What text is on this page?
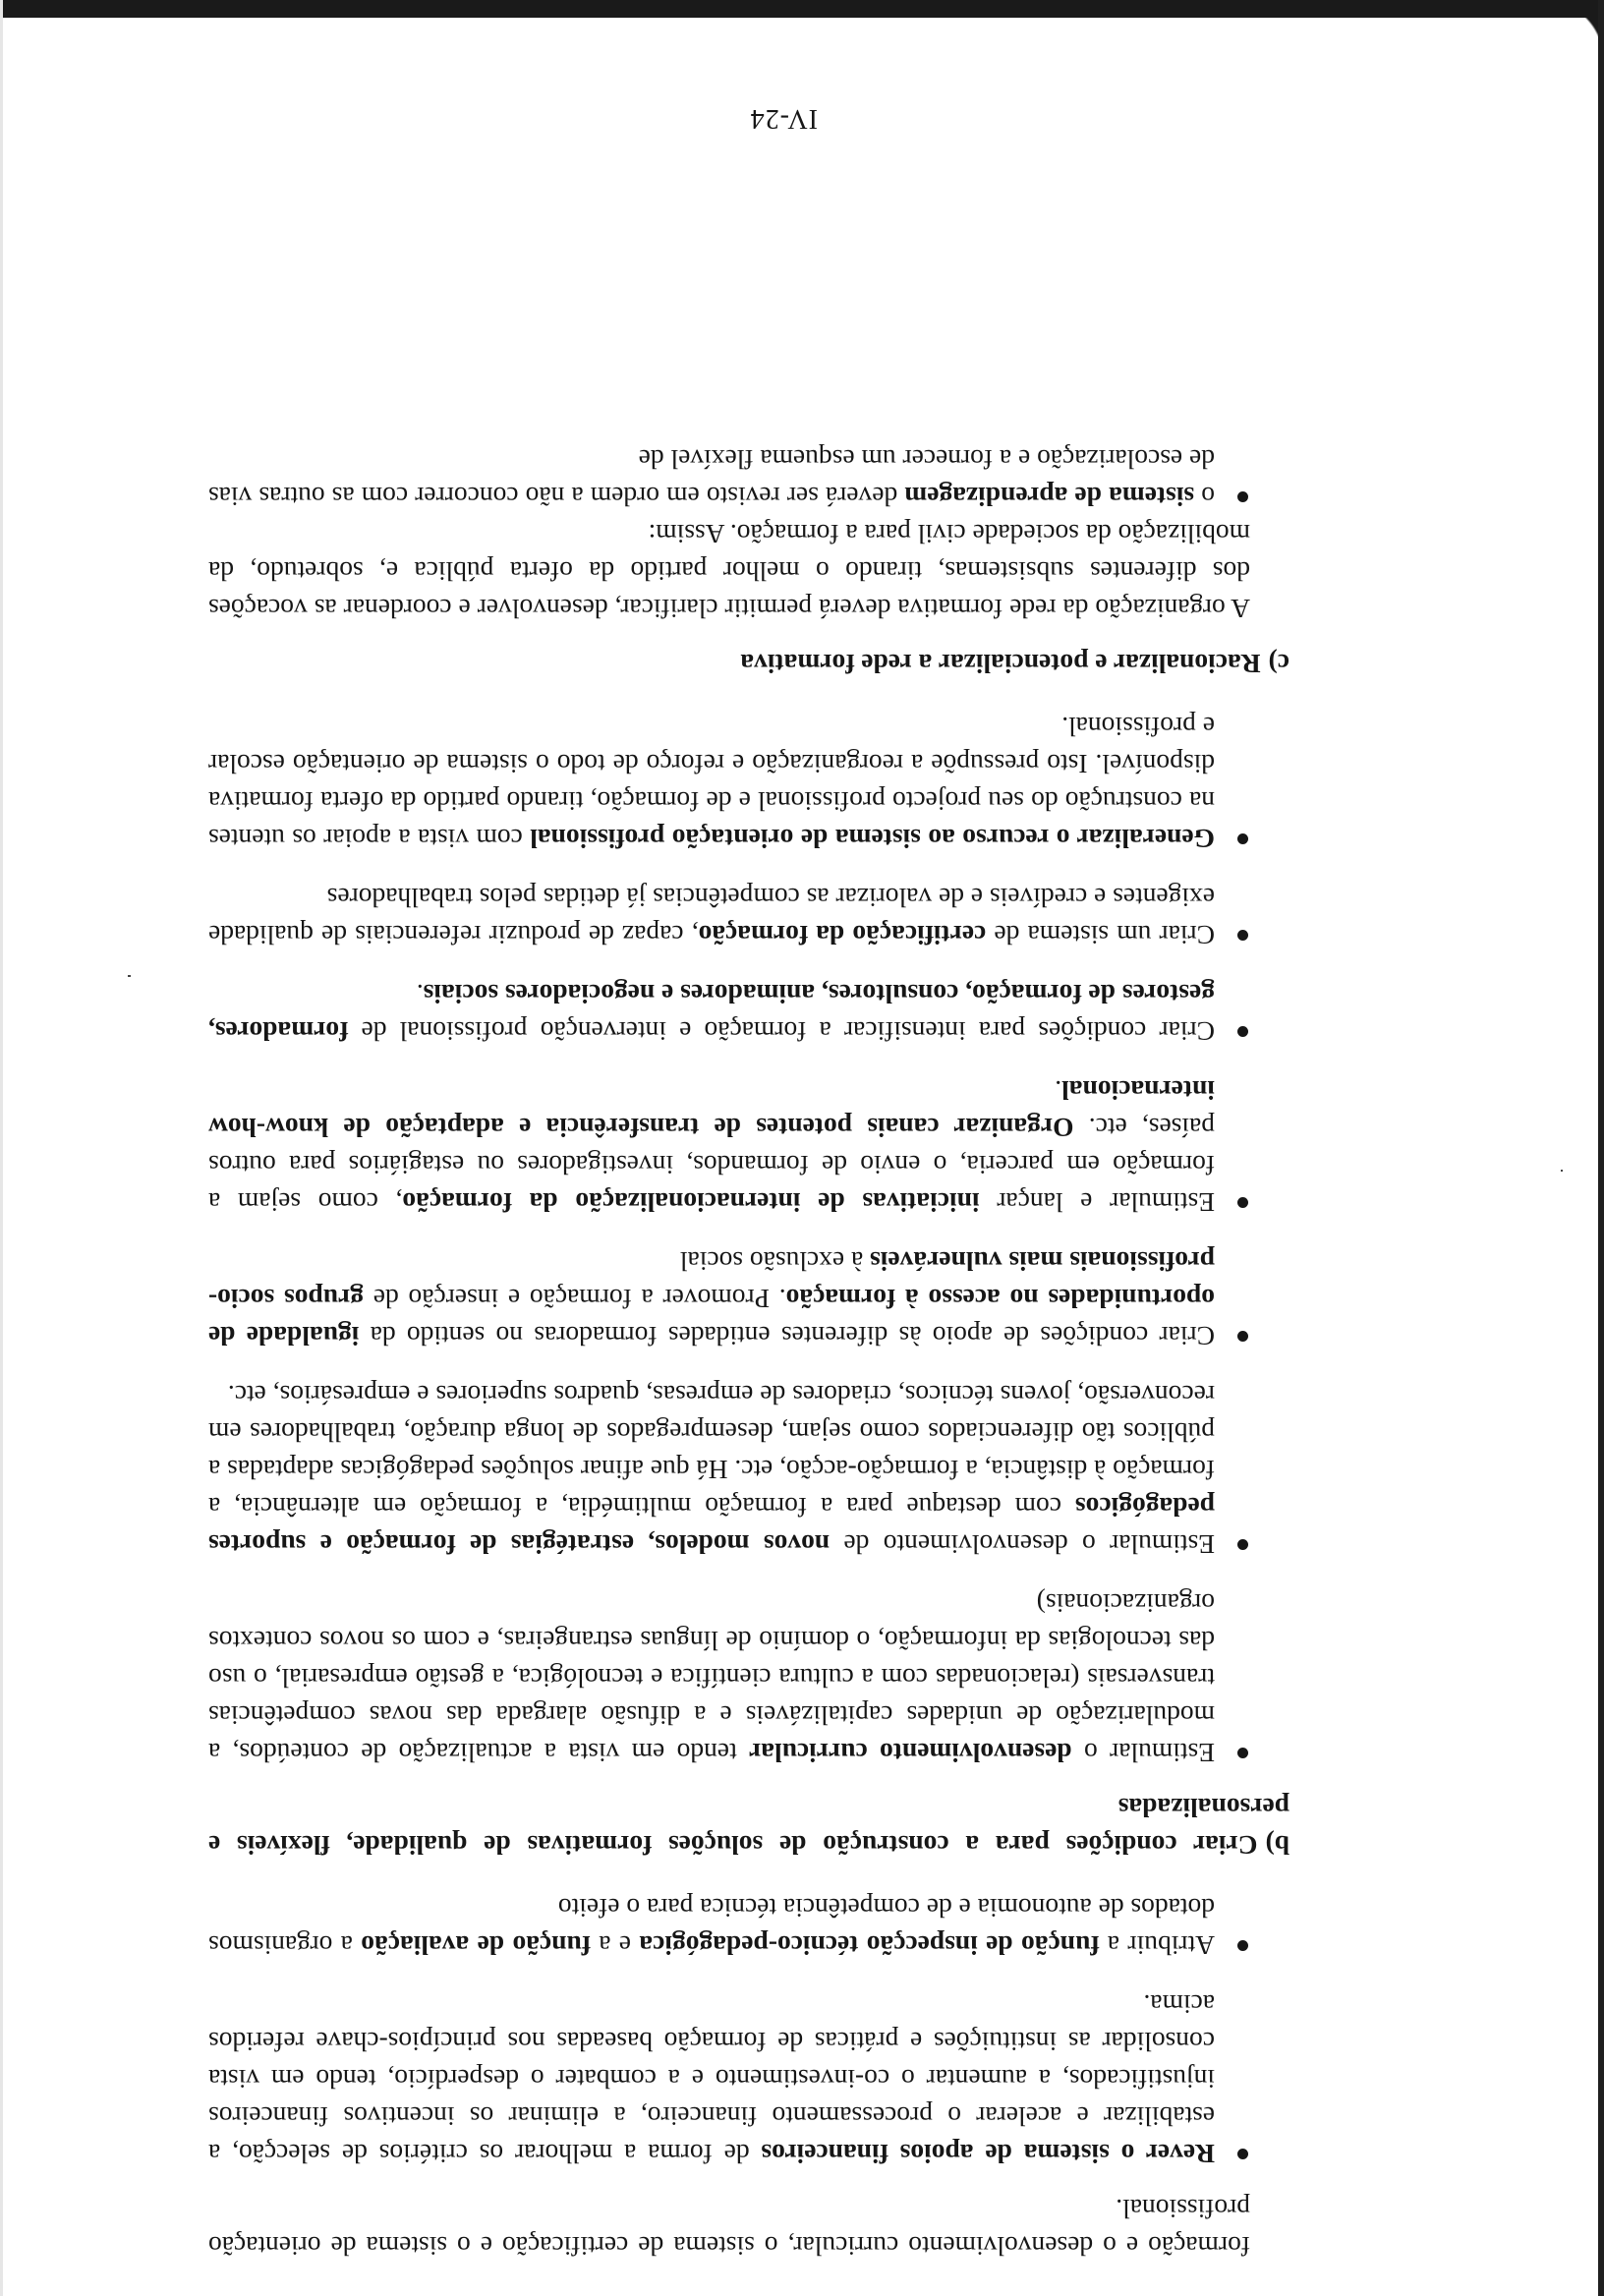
formação e o desenvolvimento curricular, o sistema de certificação e o sistema de orientação profissional.

Rever o sistema de apoios financeiros de forma a melhorar os critérios de selecção, a estabilizar e acelerar o processamento financeiro, a eliminar os incentivos financeiros injustificados, a aumentar o co-investimento e a combater o desperdício, tendo em vista consolidar as instituições e práticas de formação baseadas nos princípios-chave referidos acima.
Atribuir a função de inspecção técnico-pedagógica e a função de avaliação a organismos dotados de autonomia e de competência técnica para o efeito
b)Criar condições para a construção de soluções formativas de qualidade, flexíveis e personalizadas
Estimular o desenvolvimento curricular tendo em vista a actualização de conteúdos, a modularização de unidades capitalizáveis e a difusão alargada das novas competências transversais (relacionadas com a cultura científica e tecnológica, a gestão empresarial, o uso das tecnologias da informação, o domínio de línguas estrangeiras, e com os novos contextos organizacionais)
Estimular o desenvolvimento de novos modelos, estratégias de formação e suportes pedagógicos com destaque para a formação multimédia, a formação em alternância, a formação à distância, a formação-acção, etc. Há que afinar soluções pedagógicas adaptadas a públicos tão diferenciados como sejam, desempregados de longa duração, trabalhadores em reconversão, jovens técnicos, criadores de empresas, quadros superiores e empresários, etc.
Criar condições de apoio às diferentes entidades formadoras no sentido da igualdade de oportunidades no acesso à formação. Promover a formação e inserção de grupos socio-profissionais mais vulneráveis à exclusão social
Estimular e lançar iniciativas de internacionalização da formação, como sejam a formação em parceria, o envio de formandos, investigadores ou estagiários para outros países, etc. Organizar canais potentes de transferência e adaptação de know-how internacional.
Criar condições para intensificar a formação e intervenção profissional de formadores, gestores de formação, consultores, animadores e negociadores sociais.
Criar um sistema de certificação da formação, capaz de produzir referenciais de qualidade exigentes e credíveis e de valorizar as competências já detidas pelos trabalhadores
Generalizar o recurso ao sistema de orientação profissional com vista a apoiar os utentes na construção do seu projecto profissional e de formação, tirando partido da oferta formativa disponível. Isto pressupõe a reorganização e reforço de todo o sistema de orientação escolar e profissional.
c)Racionalizar e potencializar a rede formativa

A organização da rede formativa deverá permitir clarificar, desenvolver e coordenar as vocações dos diferentes subsistemas, tirando o melhor partido da oferta pública e, sobretudo, da mobilização da sociedade civil para a formação. Assim:

o sistema de aprendizagem deverá ser revisto em ordem a não concorrer com as outras vias de escolarização e a fornecer um esquema flexível de
IV-24
